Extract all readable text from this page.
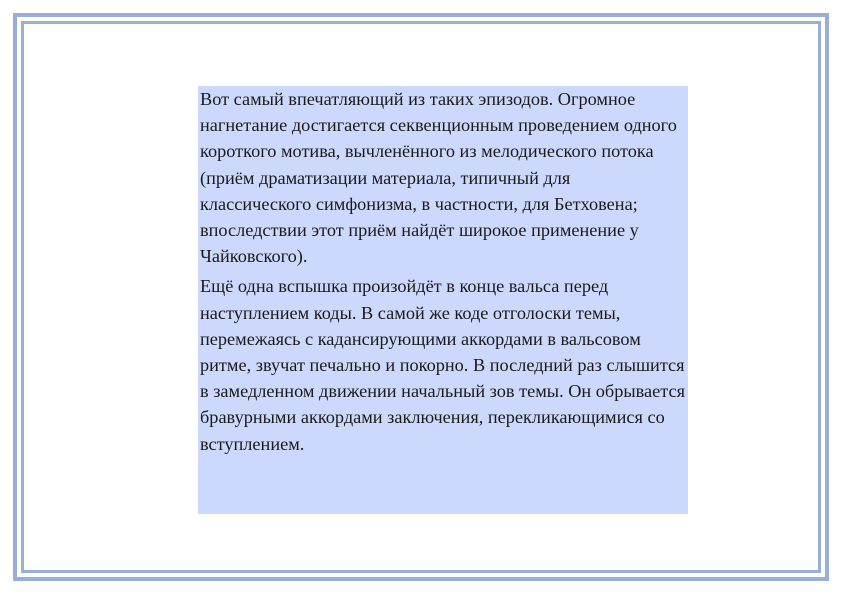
Вот самый впечатляющий из таких эпизодов. Огромное нагнетание достигается секвенционным проведением одного короткого мотива, вычленённого из мелодического потока (приём драматизации материала, типичный для классического симфонизма, в частности, для Бетховена; впоследствии этот приём найдёт широкое применение у Чайковского).

Ещё одна вспышка произойдёт в конце вальса перед наступлением коды. В самой же коде отголоски темы, перемежаясь с кадансирующими аккордами в вальсовом ритме, звучат печально и покорно. В последний раз слышится в замедленном движении начальный зов темы. Он обрывается бравурными аккордами заключения, перекликающимися со вступлением.
